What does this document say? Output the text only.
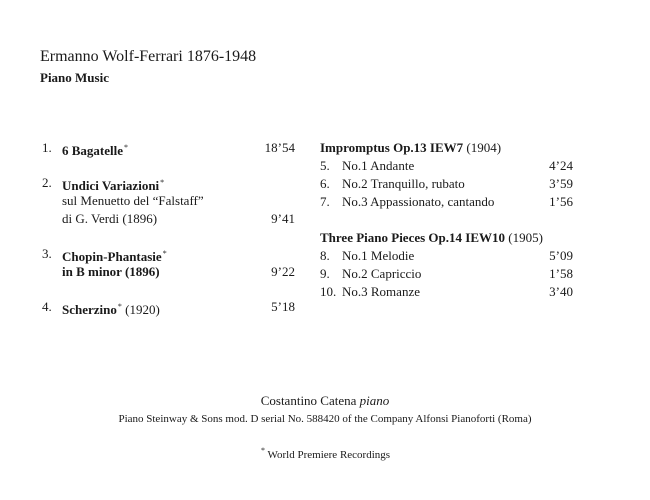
Ermanno Wolf-Ferrari 1876-1948
Piano Music
1. 6 Bagatelle*	18’54
2. Undici Variazioni*
sul Menuetto del “Falstaff”
di G. Verdi (1896)	9’41
3. Chopin-Phantasie*
in B minor (1896)	9’22
4. Scherzino* (1920)	5’18
Impromptus Op.13 IEW7 (1904)
5. No.1 Andante	4’24
6. No.2 Tranquillo, rubato	3’59
7. No.3 Appassionato, cantando	1’56
Three Piano Pieces Op.14 IEW10 (1905)
8. No.1 Melodie	5’09
9. No.2 Capriccio	1’58
10. No.3 Romanze	3’40
Costantino Catena piano
Piano Steinway & Sons mod. D serial No. 588420 of the Company Alfonsi Pianoforti (Roma)
* World Premiere Recordings
